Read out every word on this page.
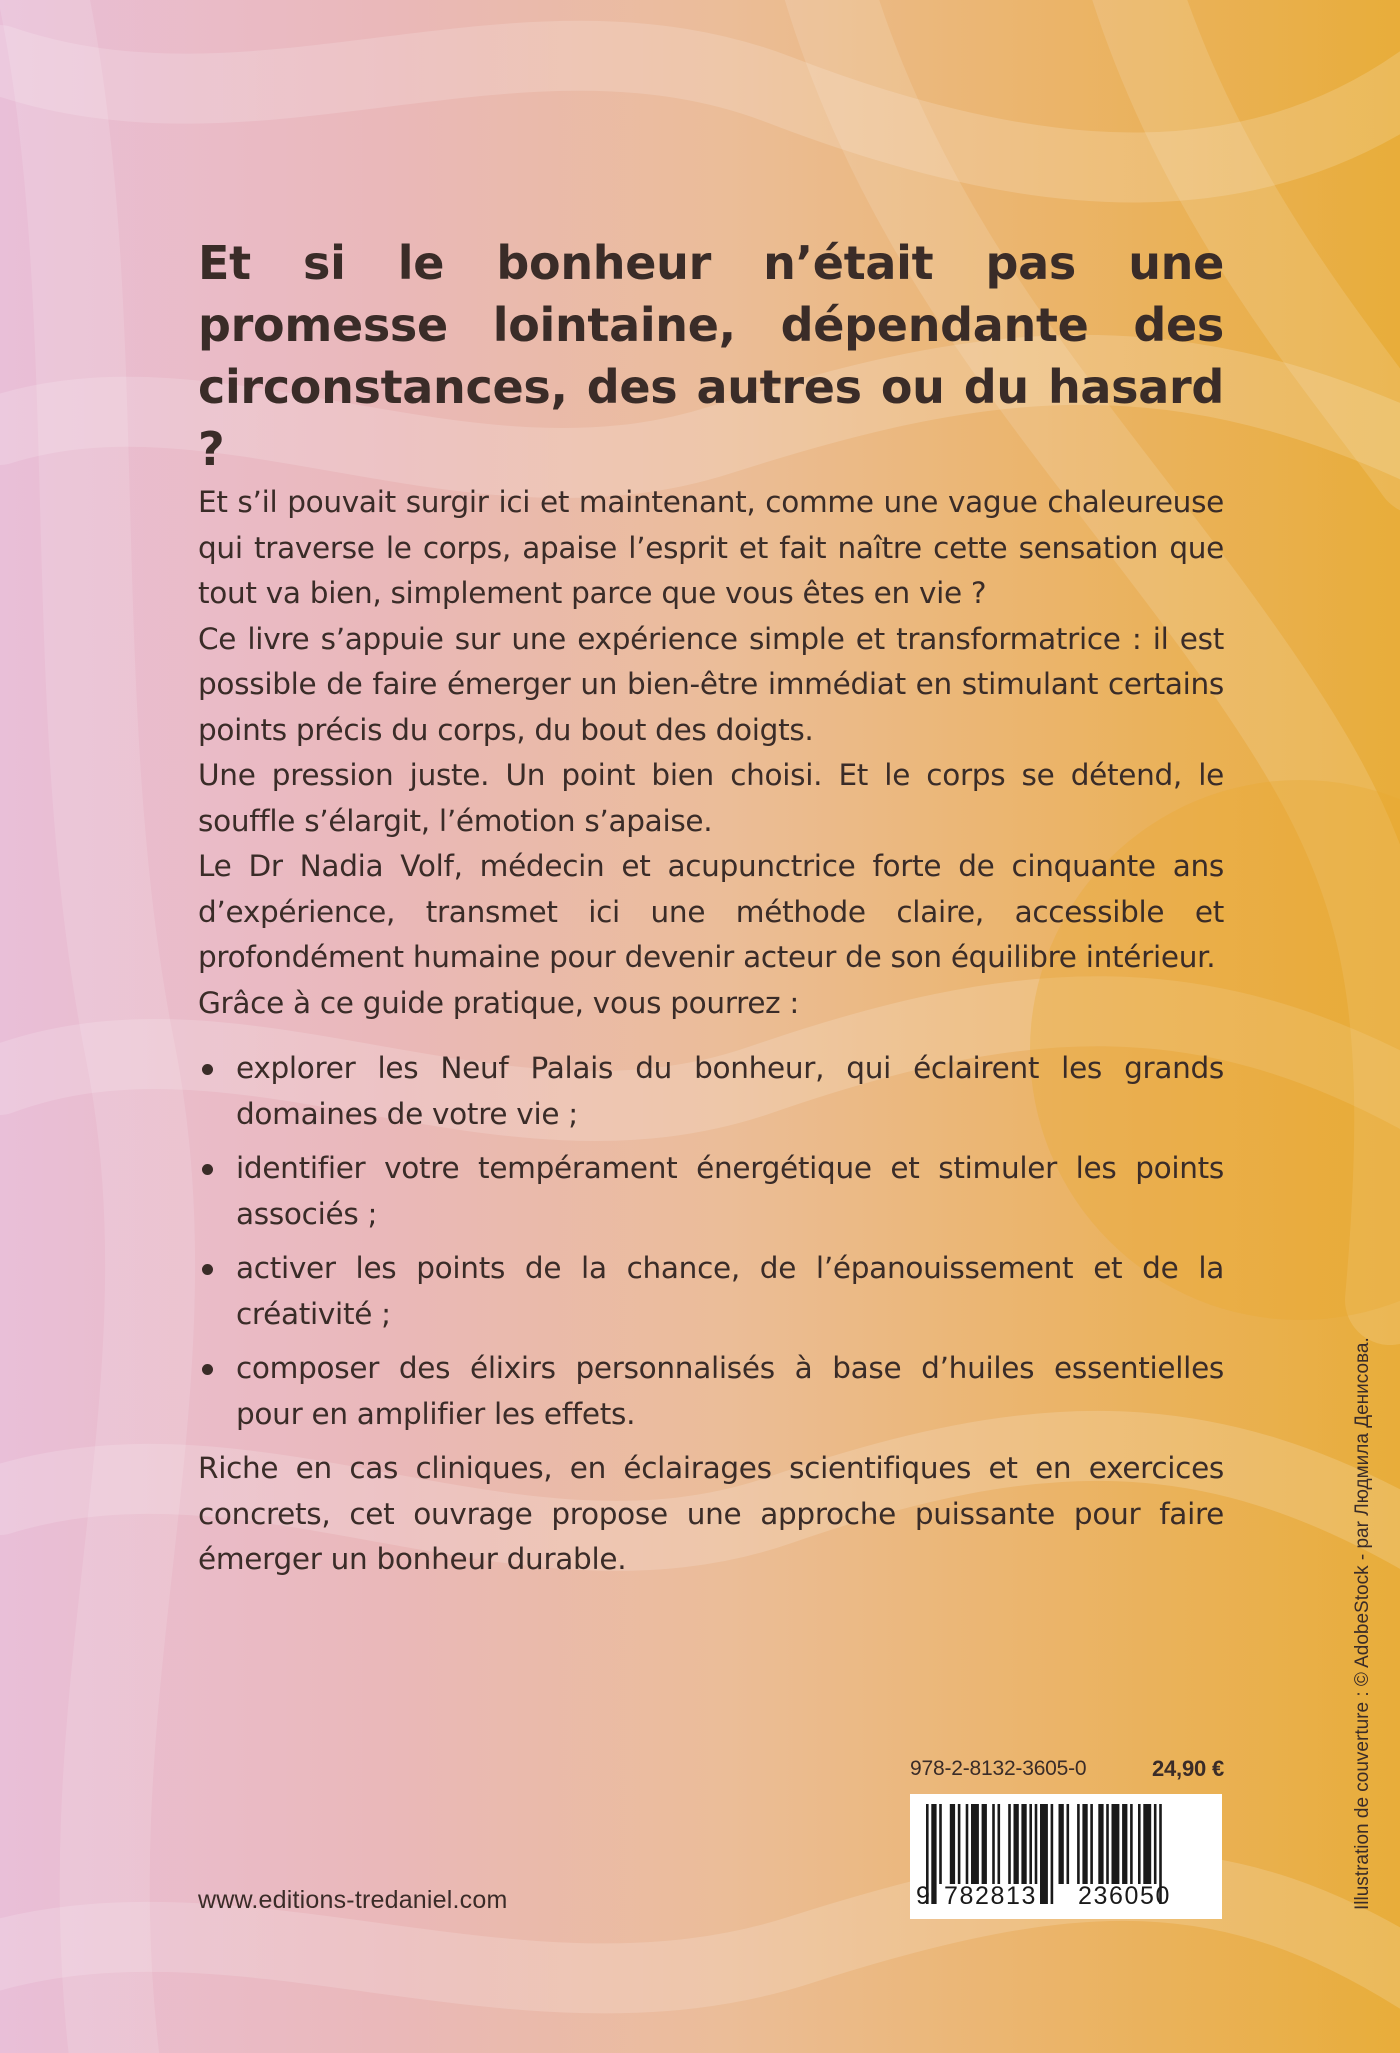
Et si le bonheur n’était pas une promesse lointaine, dépendante des circonstances, des autres ou du hasard ?

Et s’il pouvait surgir ici et maintenant, comme une vague chaleureuse qui traverse le corps, apaise l’esprit et fait naître cette sensation que tout va bien, simplement parce que vous êtes en vie ?

Ce livre s’appuie sur une expérience simple et transformatrice : il est possible de faire émerger un bien-être immédiat en stimulant certains points précis du corps, du bout des doigts.

Une pression juste. Un point bien choisi. Et le corps se détend, le souffle s’élargit, l’émotion s’apaise.

Le Dr Nadia Volf, médecin et acupunctrice forte de cinquante ans d’expérience, transmet ici une méthode claire, accessible et profondément humaine pour devenir acteur de son équilibre intérieur.

Grâce à ce guide pratique, vous pourrez :

explorer les Neuf Palais du bonheur, qui éclairent les grands domaines de votre vie ;
identifier votre tempérament énergétique et stimuler les points associés ;
activer les points de la chance, de l’épanouissement et de la créativité ;
composer des élixirs personnalisés à base d’huiles essentielles pour en amplifier les effets.

Riche en cas cliniques, en éclairages scientifiques et en exercices concrets, cet ouvrage propose une approche puissante pour faire émerger un bonheur durable.

978-2-8132-3605-0	24,90 €
9 782813 236050
www.editions-tredaniel.com	Illustration de couverture : © AdobeStock - par Людмила Денисова.
